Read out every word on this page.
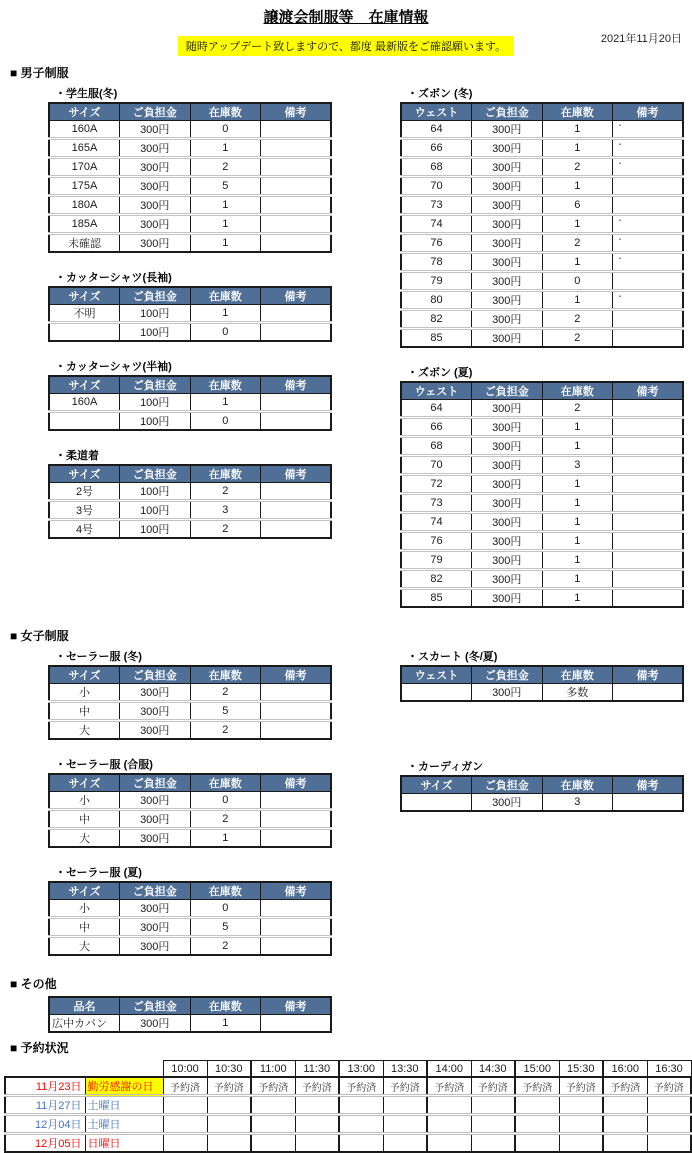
譲渡会制服等　在庫情報
2021年11月20日
随時アップデート致しますので、都度 最新版をご確認願います。
■ 男子制服
・学生服(冬)
サイズ	ご負担金	在庫数	備考
160A	300円	0	
165A	300円	1	
170A	300円	2	
175A	300円	5	
180A	300円	1	
185A	300円	1	
未確認	300円	1	
・カッターシャツ(長袖)
サイズ	ご負担金	在庫数	備考
不明	100円	1	
	100円	0	
・カッターシャツ(半袖)
サイズ	ご負担金	在庫数	備考
160A	100円	1	
	100円	0	
・柔道着
サイズ	ご負担金	在庫数	備考
2号	100円	2	
3号	100円	3	
4号	100円	2	
・ズボン (冬)
ウェスト	ご負担金	在庫数	備考
64	300円	1	・
66	300円	1	・
68	300円	2	・
70	300円	1	
73	300円	6	
74	300円	1	・
76	300円	2	・
78	300円	1	・
79	300円	0	
80	300円	1	・
82	300円	2	
85	300円	2	
・ズボン (夏)
ウェスト	ご負担金	在庫数	備考
64	300円	2	
66	300円	1	
68	300円	1	
70	300円	3	
72	300円	1	
73	300円	1	
74	300円	1	
76	300円	1	
79	300円	1	
82	300円	1	
85	300円	1	
■ 女子制服
・セーラー服 (冬)
サイズ	ご負担金	在庫数	備考
小	300円	2	
中	300円	5	
大	300円	2	
・セーラー服 (合服)
サイズ	ご負担金	在庫数	備考
小	300円	0	
中	300円	2	
大	300円	1	
・セーラー服 (夏)
サイズ	ご負担金	在庫数	備考
小	300円	0	
中	300円	5	
大	300円	2	
・スカート (冬/夏)
ウェスト	ご負担金	在庫数	備考
	300円	多数	
・カーディガン
サイズ	ご負担金	在庫数	備考
	300円	3	
■ その他
品名	ご負担金	在庫数	備考
広中カバン	300円	1	
■ 予約状況
		10:00	10:30	11:00	11:30	13:00	13:30	14:00	14:30	15:00	15:30	16:00	16:30
11月23日	勤労感謝の日	予約済	予約済	予約済	予約済	予約済	予約済	予約済	予約済	予約済	予約済	予約済	予約済
11月27日	土曜日												
12月04日	土曜日												
12月05日	日曜日												
